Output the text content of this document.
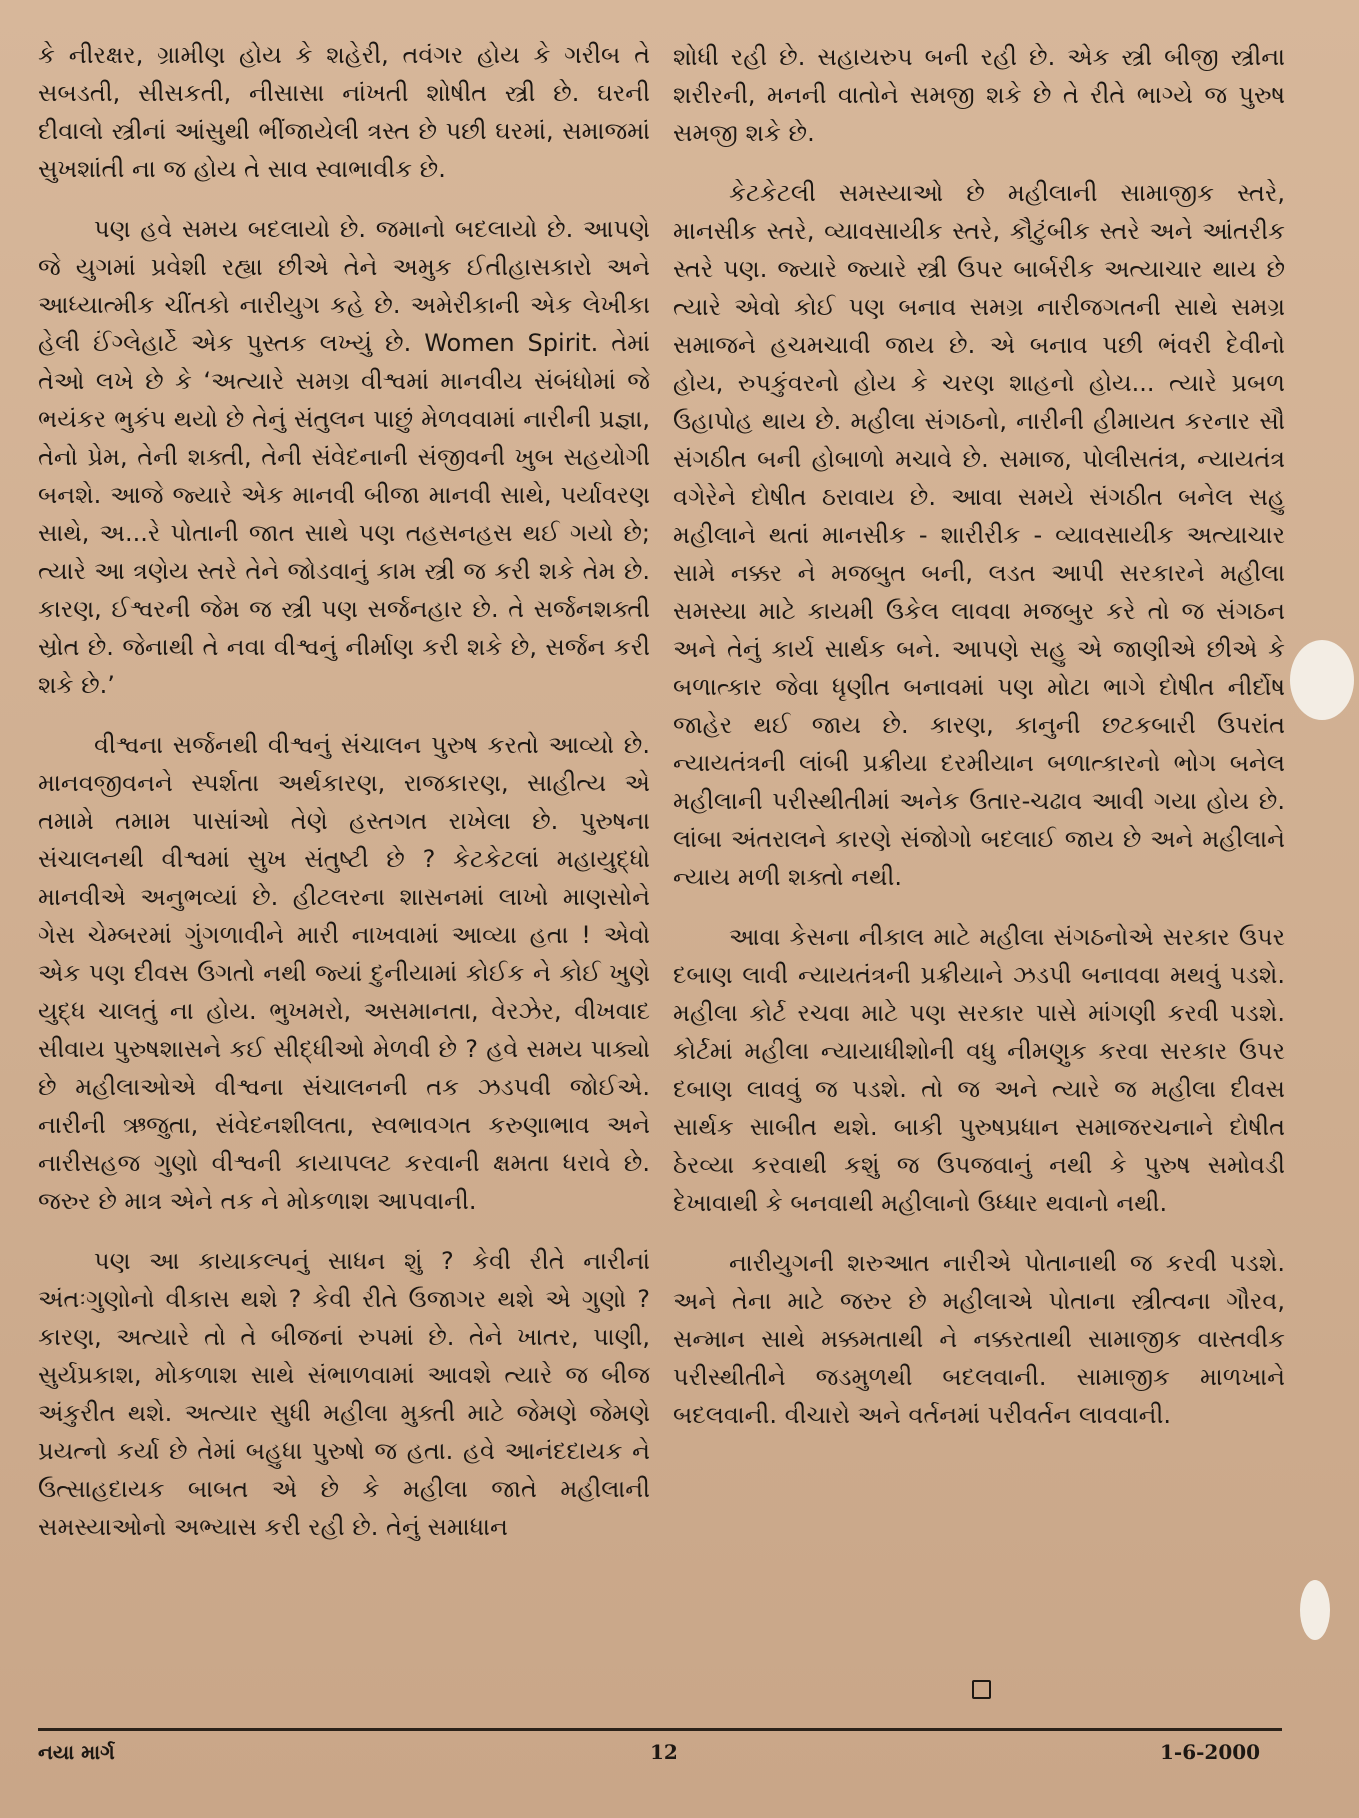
કે નીરક્ષર, ગ્રામીણ હોય કે શહેરી, તવંગર હોય કે ગરીબ તે સબડતી, સીસકતી, નીસાસા નાંખતી શોષીત સ્ત્રી છે. ઘરની દીવાલો સ્ત્રીનાં આંસુથી ભીંજાયેલી ત્રસ્ત છે પછી ઘરમાં, સમાજમાં સુખશાંતી ના જ હોય તે સાવ સ્વાભાવીક છે.

પણ હવે સમય બદલાયો છે. જમાનો બદલાયો છે. આપણે જે યુગમાં પ્રવેશી રહ્યા છીએ તેને અમુક ઈતીહાસકારો અને આધ્યાત્મીક ચીંતકો નારીયુગ કહે છે. અમેરીકાની એક લેખીકા હેલી ઈંગ્લેહાર્ટે એક પુસ્તક લખ્યું છે. Women Spirit. તેમાં તેઓ લખે છે કે ‘અત્યારે સમગ્ર વીશ્વમાં માનવીય સંબંધોમાં જે ભયંકર ભુકંપ થયો છે તેનું સંતુલન પાછું મેળવવામાં નારીની પ્રજ્ઞા, તેનો પ્રેમ, તેની શક્તી, તેની સંવેદનાની સંજીવની ખુબ સહયોગી બનશે. આજે જ્યારે એક માનવી બીજા માનવી સાથે, પર્યાવરણ સાથે, અ...રે પોતાની જાત સાથે પણ તહસનહસ થઈ ગયો છે; ત્યારે આ ત્રણેય સ્તરે તેને જોડવાનું કામ સ્ત્રી જ કરી શકે તેમ છે. કારણ, ઈશ્વરની જેમ જ સ્ત્રી પણ સર્જનહાર છે. તે સર્જનશક્તી સ્રોત છે. જેનાથી તે નવા વીશ્વનું નીર્માણ કરી શકે છે, સર્જન કરી શકે છે.’

વીશ્વના સર્જનથી વીશ્વનું સંચાલન પુરુષ કરતો આવ્યો છે. માનવજીવનને સ્પર્શતા અર્થકારણ, રાજકારણ, સાહીત્ય એ તમામે તમામ પાસાંઓ તેણે હસ્તગત રાખેલા છે. પુરુષના સંચાલનથી વીશ્વમાં સુખ સંતુષ્ટી છે ? કેટકેટલાં મહાયુદ્ધો માનવીએ અનુભવ્યાં છે. હીટલરના શાસનમાં લાખો માણસોને ગેસ ચેમ્બરમાં ગુંગળાવીને મારી નાખવામાં આવ્યા હતા ! એવો એક પણ દીવસ ઉગતો નથી જ્યાં દુનીયામાં કોઈક ને કોઈ ખુણે યુદ્ધ ચાલતું ના હોય. ભુખમરો, અસમાનતા, વેરઝેર, વીખવાદ સીવાય પુરુષશાસને કઈ સીદ્ધીઓ મેળવી છે ? હવે સમય પાક્યો છે મહીલાઓએ વીશ્વના સંચાલનની તક ઝડપવી જોઈએ. નારીની ઋજુતા, સંવેદનશીલતા, સ્વભાવગત કરુણાભાવ અને નારીસહજ ગુણો વીશ્વની કાયાપલટ કરવાની ક્ષમતા ધરાવે છે. જરુર છે માત્ર એને તક ને મોકળાશ આપવાની.

પણ આ કાયાકલ્પનું સાધન શું ? કેવી રીતે નારીનાં અંતઃગુણોનો વીકાસ થશે ? કેવી રીતે ઉજાગર થશે એ ગુણો ? કારણ, અત્યારે તો તે બીજનાં રુપમાં છે. તેને ખાતર, પાણી, સુર્યપ્રકાશ, મોકળાશ સાથે સંભાળવામાં આવશે ત્યારે જ બીજ અંકુરીત થશે. અત્યાર સુધી મહીલા મુક્તી માટે જેમણે જેમણે પ્રયત્નો કર્યા છે તેમાં બહુધા પુરુષો જ હતા. હવે આનંદદાયક ને ઉત્સાહદાયક બાબત એ છે કે મહીલા જાતે મહીલાની સમસ્યાઓનો અભ્યાસ કરી રહી છે. તેનું સમાધાન

શોધી રહી છે. સહાયરુપ બની રહી છે. એક સ્ત્રી બીજી સ્ત્રીના શરીરની, મનની વાતોને સમજી શકે છે તે રીતે ભાગ્યે જ પુરુષ સમજી શકે છે.

કેટકેટલી સમસ્યાઓ છે મહીલાની સામાજીક સ્તરે, માનસીક સ્તરે, વ્યાવસાયીક સ્તરે, કૌટુંબીક સ્તરે અને આંતરીક સ્તરે પણ. જ્યારે જ્યારે સ્ત્રી ઉપર બાર્બરીક અત્યાચાર થાય છે ત્યારે એવો કોઈ પણ બનાવ સમગ્ર નારીજગતની સાથે સમગ્ર સમાજને હચમચાવી જાય છે. એ બનાવ પછી ભંવરી દેવીનો હોય, રુપકુંવરનો હોય કે ચરણ શાહનો હોય... ત્યારે પ્રબળ ઉહાપોહ થાય છે. મહીલા સંગઠનો, નારીની હીમાયત કરનાર સૌ સંગઠીત બની હોબાળો મચાવે છે. સમાજ, પોલીસતંત્ર, ન્યાયતંત્ર વગેરેને દોષીત ઠરાવાય છે. આવા સમયે સંગઠીત બનેલ સહુ મહીલાને થતાં માનસીક - શારીરીક - વ્યાવસાયીક અત્યાચાર સામે નક્કર ને મજબુત બની, લડત આપી સરકારને મહીલા સમસ્યા માટે કાયમી ઉકેલ લાવવા મજબુર કરે તો જ સંગઠન અને તેનું કાર્ય સાર્થક બને. આપણે સહુ એ જાણીએ છીએ કે બળાત્કાર જેવા ધૃણીત બનાવમાં પણ મોટા ભાગે દોષીત નીર્દોષ જાહેર થઈ જાય છે. કારણ, કાનુની છટકબારી ઉપરાંત ન્યાયતંત્રની લાંબી પ્રક્રીયા દરમીયાન બળાત્કારનો ભોગ બનેલ મહીલાની પરીસ્થીતીમાં અનેક ઉતાર-ચઢાવ આવી ગયા હોય છે. લાંબા અંતરાલને કારણે સંજોગો બદલાઈ જાય છે અને મહીલાને ન્યાય મળી શક્તો નથી.

આવા કેસના નીકાલ માટે મહીલા સંગઠનોએ સરકાર ઉપર દબાણ લાવી ન્યાયતંત્રની પ્રક્રીયાને ઝડપી બનાવવા મથવું પડશે. મહીલા કોર્ટ રચવા માટે પણ સરકાર પાસે માંગણી કરવી પડશે. કોર્ટમાં મહીલા ન્યાયાધીશોની વધુ નીમણુક કરવા સરકાર ઉપર દબાણ લાવવું જ પડશે. તો જ અને ત્યારે જ મહીલા દીવસ સાર્થક સાબીત થશે. બાકી પુરુષપ્રધાન સમાજરચનાને દોષીત ઠેરવ્યા કરવાથી કશું જ ઉપજવાનું નથી કે પુરુષ સમોવડી દેખાવાથી કે બનવાથી મહીલાનો ઉધ્ધાર થવાનો નથી.

નારીયુગની શરુઆત નારીએ પોતાનાથી જ કરવી પડશે. અને તેના માટે જરુર છે મહીલાએ પોતાના સ્ત્રીત્વના ગૌરવ, સન્માન સાથે મક્કમતાથી ને નક્કરતાથી સામાજીક વાસ્તવીક પરીસ્થીતીને જડમુળથી બદલવાની. સામાજીક માળખાને બદલવાની. વીચારો અને વર્તનમાં પરીવર્તન લાવવાની.

નયા માર્ગ	12	1-6-2000
